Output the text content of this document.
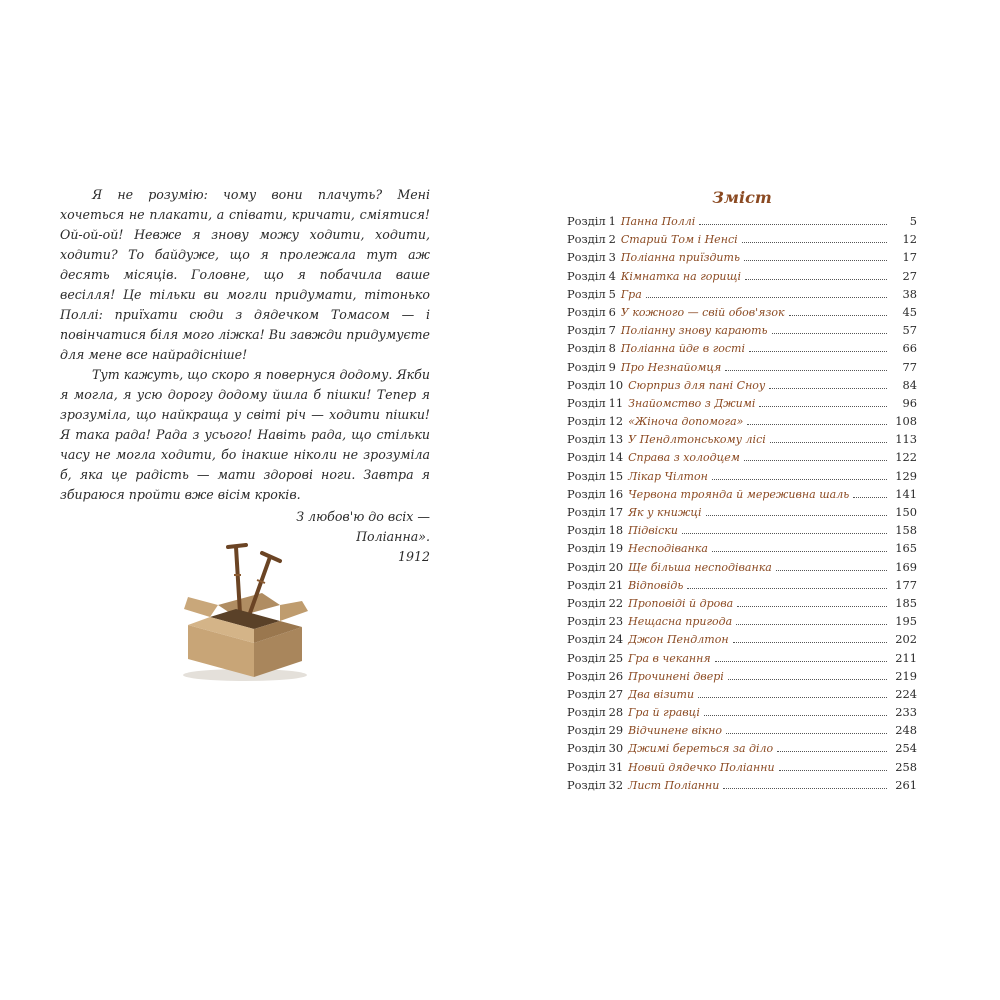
Я не розумію: чому вони плачуть? Мені хочеться не плакати, а співати, кричати, сміятися! Ой-ой-ой! Невже я знову можу ходити, ходити, ходити? То байдуже, що я пролежала тут аж десять місяців. Головне, що я побачила ваше весілля! Це тільки ви могли придумати, тітонько Поллі: приїхати сюди з дядечком Томасом — і повінчатися біля мого ліжка! Ви завжди придумуєте для мене все найрадісніше!

Тут кажуть, що скоро я повернуся додому. Якби я могла, я усю дорогу додому йшла б пішки! Тепер я зрозуміла, що найкраща у світі річ — ходити пішки! Я така рада! Рада з усього! Навіть рада, що стільки часу не могла ходити, бо інакше ніколи не зрозуміла б, яка це радість — мати здорові ноги. Завтра я збираюся пройти вже вісім кроків.

З любов'ю до всіх —
Поліанна».
1912
Зміст
Розділ 1 Панна Поллі	5
Розділ 2 Старий Том і Ненсі	12
Розділ 3 Поліанна приїздить	17
Розділ 4 Кімнатка на горищі	27
Розділ 5 Гра	38
Розділ 6 У кожного — свій обов'язок	45
Розділ 7 Поліанну знову карають	57
Розділ 8 Поліанна йде в гості	66
Розділ 9 Про Незнайомця	77
Розділ 10 Сюрприз для пані Сноу	84
Розділ 11 Знайомство з Джимі	96
Розділ 12 «Жіноча допомога»	108
Розділ 13 У Пендлтонському лісі	113
Розділ 14 Справа з холодцем	122
Розділ 15 Лікар Чілтон	129
Розділ 16 Червона троянда й мереживна шаль	141
Розділ 17 Як у книжці	150
Розділ 18 Підвіски	158
Розділ 19 Несподіванка	165
Розділ 20 Ще більша несподіванка	169
Розділ 21 Відповідь	177
Розділ 22 Проповіді й дрова	185
Розділ 23 Нещасна пригода	195
Розділ 24 Джон Пендлтон	202
Розділ 25 Гра в чекання	211
Розділ 26 Прочинені двері	219
Розділ 27 Два візити	224
Розділ 28 Гра й гравці	233
Розділ 29 Відчинене вікно	248
Розділ 30 Джимі береться за діло	254
Розділ 31 Новий дядечко Поліанни	258
Розділ 32 Лист Поліанни	261
